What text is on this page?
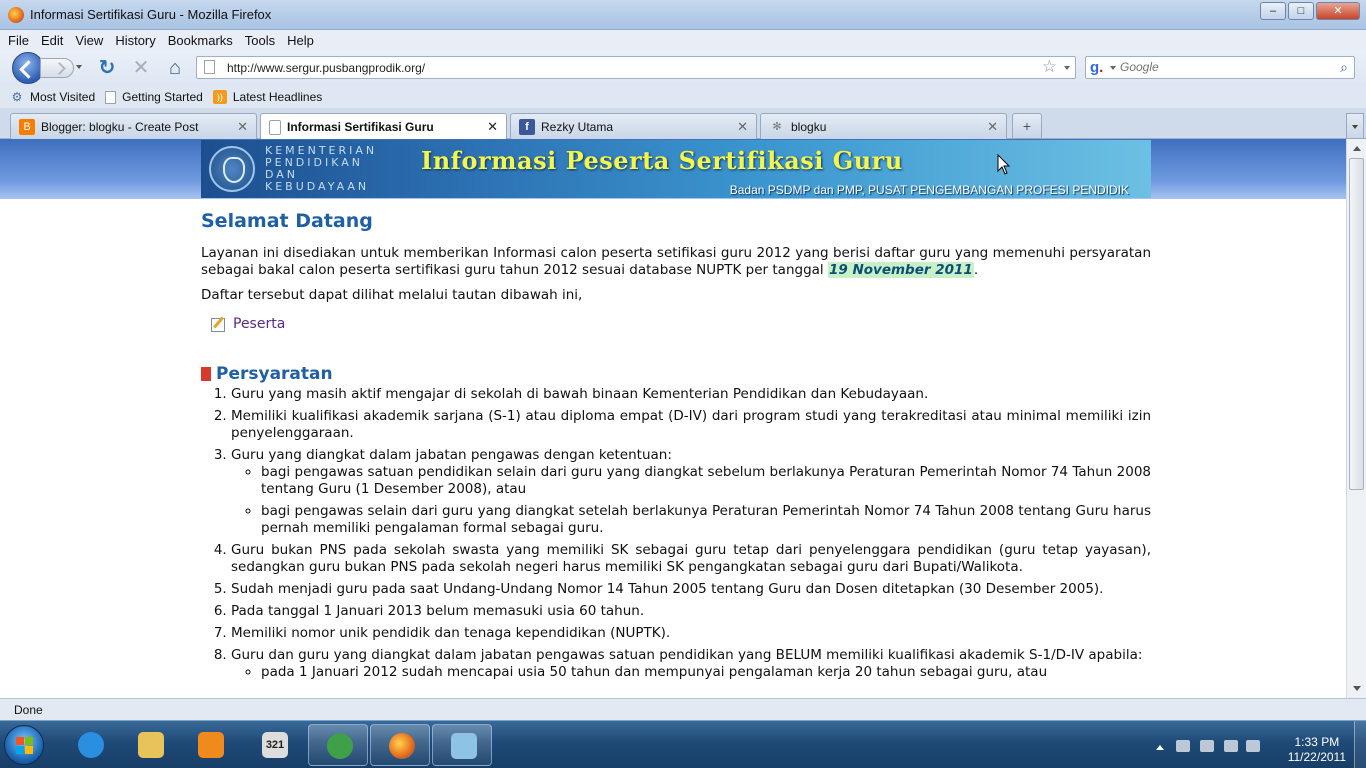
Informasi Sertifikasi Guru - Mozilla Firefox	–	□	✕
File Edit View History Bookmarks Tools Help
↻ ✕ ⌂	http://www.sergur.pusbangprodik.org/	☆ g.
Google	⌕
⚙ Most Visited Getting Started	)) Latest Headlines
B Blogger: blogku - Create Post	✕	Informasi Sertifikasi Guru	✕	f	Rezky Utama	✕	✻ blogku	✕	+
KEMENTERIAN
PENDIDIKAN
DAN
KEBUDAYAAN
Informasi Peserta Sertifikasi Guru
Badan PSDMP dan PMP, PUSAT PENGEMBANGAN PROFESI PENDIDIK
Selamat Datang

Layanan ini disediakan untuk memberikan Informasi calon peserta setifikasi guru 2012 yang berisi daftar guru yang memenuhi persyaratan sebagai bakal calon peserta sertifikasi guru tahun 2012 sesuai database NUPTK per tanggal 19 November 2011.

Daftar tersebut dapat dilihat melalui tautan dibawah ini,

Peserta
Persyaratan
1. Guru yang masih aktif mengajar di sekolah di bawah binaan Kementerian Pendidikan dan Kebudayaan.
2. Memiliki kualifikasi akademik sarjana (S-1) atau diploma empat (D-IV) dari program studi yang terakreditasi atau minimal memiliki izin penyelenggaraan.
3. Guru yang diangkat dalam jabatan pengawas dengan ketentuan:
◦ bagi pengawas satuan pendidikan selain dari guru yang diangkat sebelum berlakunya Peraturan Pemerintah Nomor 74 Tahun 2008 tentang Guru (1 Desember 2008), atau
◦ bagi pengawas selain dari guru yang diangkat setelah berlakunya Peraturan Pemerintah Nomor 74 Tahun 2008 tentang Guru harus pernah memiliki pengalaman formal sebagai guru.
4. Guru bukan PNS pada sekolah swasta yang memiliki SK sebagai guru tetap dari penyelenggara pendidikan (guru tetap yayasan), sedangkan guru bukan PNS pada sekolah negeri harus memiliki SK pengangkatan sebagai guru dari Bupati/Walikota.
5. Sudah menjadi guru pada saat Undang-Undang Nomor 14 Tahun 2005 tentang Guru dan Dosen ditetapkan (30 Desember 2005).
6. Pada tanggal 1 Januari 2013 belum memasuki usia 60 tahun.
7. Memiliki nomor unik pendidik dan tenaga kependidikan (NUPTK).
8. Guru dan guru yang diangkat dalam jabatan pengawas satuan pendidikan yang BELUM memiliki kualifikasi akademik S-1/D-IV apabila:
◦ pada 1 Januari 2012 sudah mencapai usia 50 tahun dan mempunyai pengalaman kerja 20 tahun sebagai guru, atau
Done
321	1:33 PM
11/22/2011
